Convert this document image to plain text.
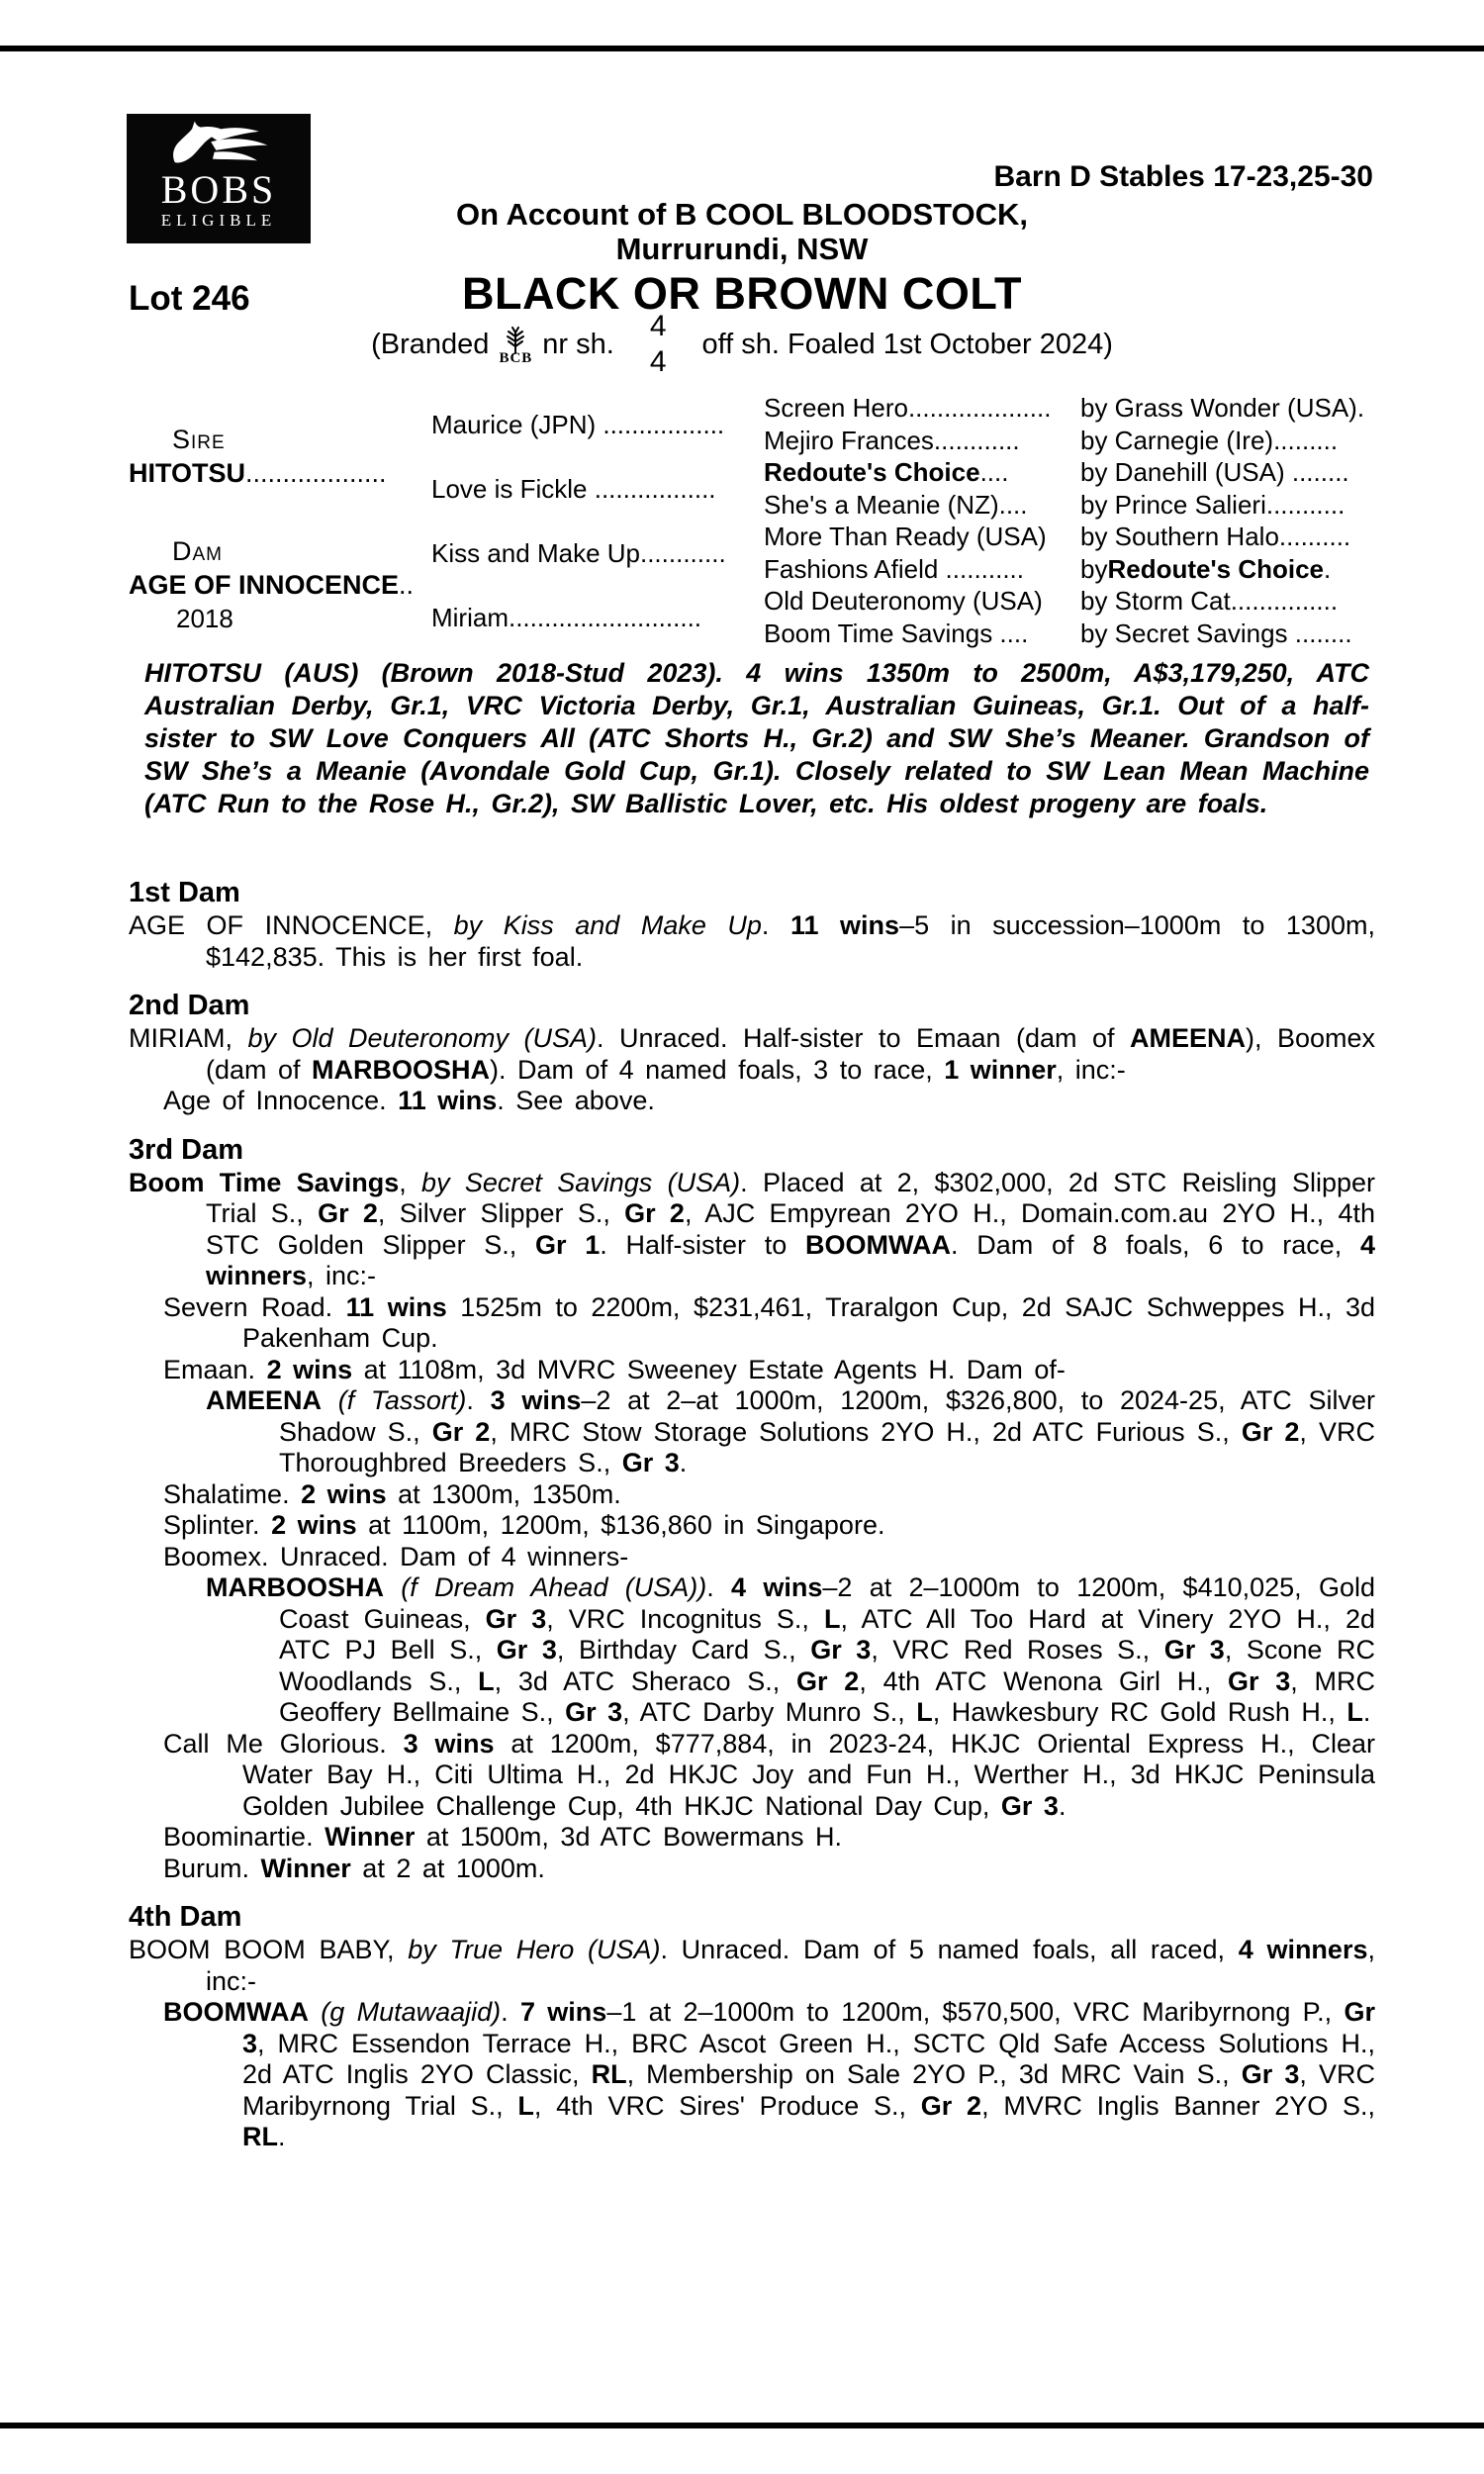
BOBS
ELIGIBLE
Barn D Stables 17-23,25-30
On Account of B COOL BLOODSTOCK,
Murrurundi, NSW
Lot 246	BLACK OR BROWN COLT
(Branded BCB nr sh.
4
4
off sh. Foaled 1st October 2024)
Sire
HITOTSU...................
Dam
AGE OF INNOCENCE..
2018
Maurice (JPN) .................
Love is Fickle .................
Kiss and Make Up............
Miriam...........................
Screen Hero.................... by Grass Wonder (USA).
Mejiro Frances............ by Carnegie (Ire).........
Redoute's Choice ....	by Danehill (USA) ........
She's a Meanie (NZ).... by Prince Salieri...........
More Than Ready (USA) by Southern Halo..........
Fashions Afield ........... by Redoute's Choice .
Old Deuteronomy (USA) by Storm Cat...............
Boom Time Savings .... by Secret Savings ........

HITOTSU (AUS) (Brown 2018-Stud 2023). 4 wins 1350m to 2500m, A$3,179,250, ATC Australian Derby, Gr.1, VRC Victoria Derby, Gr.1, Australian Guineas, Gr.1. Out of a half-sister to SW Love Conquers All (ATC Shorts H., Gr.2) and SW She’s Meaner. Grandson of SW She’s a Meanie (Avondale Gold Cup, Gr.1). Closely related to SW Lean Mean Machine (ATC Run to the Rose H., Gr.2), SW Ballistic Lover, etc. His oldest progeny are foals.

1st Dam

AGE OF INNOCENCE, by Kiss and Make Up. 11 wins–5 in succession–1000m to 1300m, $142,835. This is her first foal.

2nd Dam

MIRIAM, by Old Deuteronomy (USA). Unraced. Half-sister to Emaan (dam of AMEENA), Boomex (dam of MARBOOSHA). Dam of 4 named foals, 3 to race, 1 winner, inc:-

Age of Innocence. 11 wins. See above.

3rd Dam

Boom Time Savings, by Secret Savings (USA). Placed at 2, $302,000, 2d STC Reisling Slipper Trial S., Gr 2, Silver Slipper S., Gr 2, AJC Empyrean 2YO H., Domain.com.au 2YO H., 4th STC Golden Slipper S., Gr 1. Half-sister to BOOMWAA. Dam of 8 foals, 6 to race, 4 winners, inc:-

Severn Road. 11 wins 1525m to 2200m, $231,461, Traralgon Cup, 2d SAJC Schweppes H., 3d Pakenham Cup.

Emaan. 2 wins at 1108m, 3d MVRC Sweeney Estate Agents H. Dam of-

AMEENA (f Tassort). 3 wins–2 at 2–at 1000m, 1200m, $326,800, to 2024-25, ATC Silver Shadow S., Gr 2, MRC Stow Storage Solutions 2YO H., 2d ATC Furious S., Gr 2, VRC Thoroughbred Breeders S., Gr 3.

Shalatime. 2 wins at 1300m, 1350m.

Splinter. 2 wins at 1100m, 1200m, $136,860 in Singapore.

Boomex. Unraced. Dam of 4 winners-

MARBOOSHA (f Dream Ahead (USA)). 4 wins–2 at 2–1000m to 1200m, $410,025, Gold Coast Guineas, Gr 3, VRC Incognitus S., L, ATC All Too Hard at Vinery 2YO H., 2d ATC PJ Bell S., Gr 3, Birthday Card S., Gr 3, VRC Red Roses S., Gr 3, Scone RC Woodlands S., L, 3d ATC Sheraco S., Gr 2, 4th ATC Wenona Girl H., Gr 3, MRC Geoffery Bellmaine S., Gr 3, ATC Darby Munro S., L, Hawkesbury RC Gold Rush H., L.

Call Me Glorious. 3 wins at 1200m, $777,884, in 2023-24, HKJC Oriental Express H., Clear Water Bay H., Citi Ultima H., 2d HKJC Joy and Fun H., Werther H., 3d HKJC Peninsula Golden Jubilee Challenge Cup, 4th HKJC National Day Cup, Gr 3.

Boominartie. Winner at 1500m, 3d ATC Bowermans H.

Burum. Winner at 2 at 1000m.

4th Dam

BOOM BOOM BABY, by True Hero (USA). Unraced. Dam of 5 named foals, all raced, 4 winners, inc:-

BOOMWAA (g Mutawaajid). 7 wins–1 at 2–1000m to 1200m, $570,500, VRC Maribyrnong P., Gr 3, MRC Essendon Terrace H., BRC Ascot Green H., SCTC Qld Safe Access Solutions H., 2d ATC Inglis 2YO Classic, RL, Membership on Sale 2YO P., 3d MRC Vain S., Gr 3, VRC Maribyrnong Trial S., L, 4th VRC Sires' Produce S., Gr 2, MVRC Inglis Banner 2YO S., RL.
